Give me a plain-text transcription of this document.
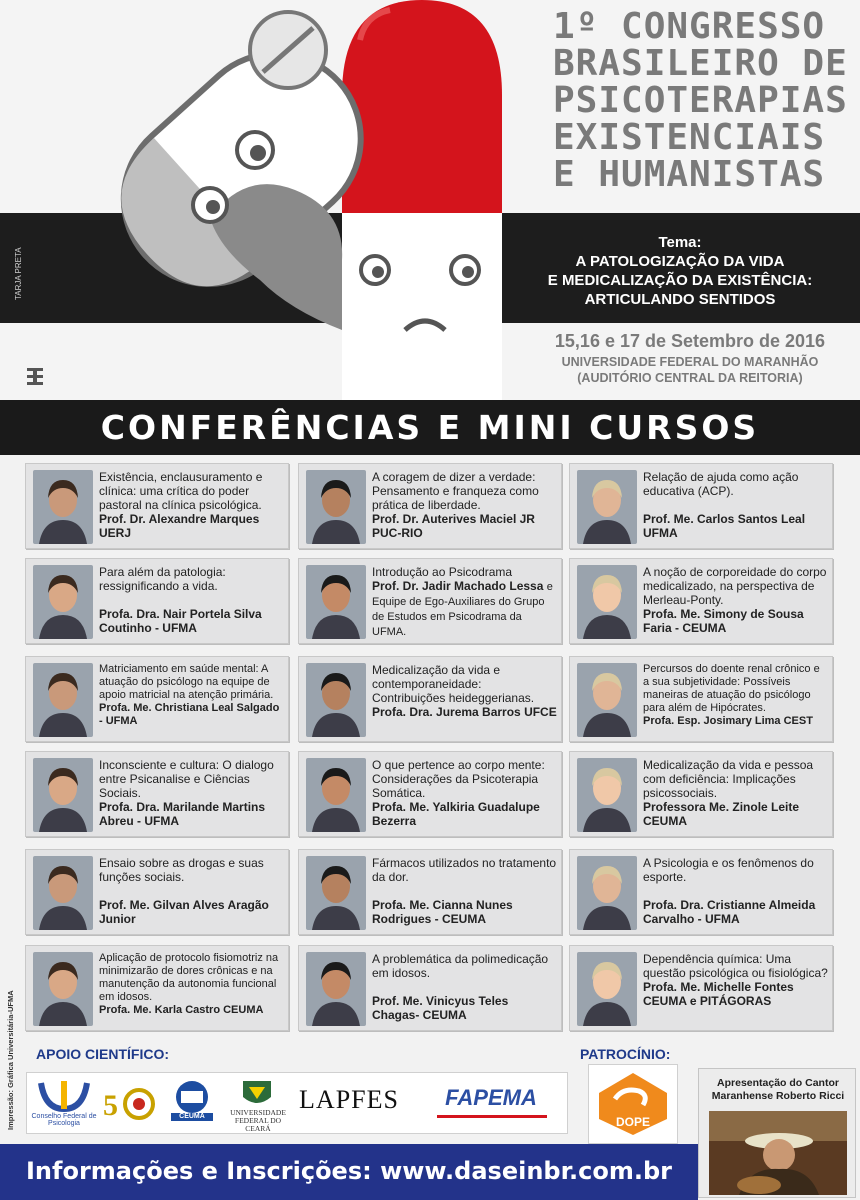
1º CONGRESSO
BRASILEIRO DE
PSICOTERAPIAS
EXISTENCIAIS
E HUMANISTAS
Tema:
A PATOLOGIZAÇÃO DA VIDA
E MEDICALIZAÇÃO DA EXISTÊNCIA:
ARTICULANDO SENTIDOS
15,16 e 17 de Setembro de 2016
UNIVERSIDADE FEDERAL DO MARANHÃO
(AUDITÓRIO CENTRAL DA REITORIA)
TARJA PRETA
CONFERÊNCIAS E MINI CURSOS
Existência, enclausuramento e clínica: uma crítica do poder pastoral na clínica psicológica.
Prof. Dr. Alexandre Marques UERJ
A coragem de dizer a verdade: Pensamento e franqueza como prática de liberdade.
Prof. Dr. Auterives Maciel JR PUC-RIO
Relação de ajuda como ação educativa (ACP).
Prof. Me. Carlos Santos Leal UFMA
Para além da patologia: ressignificando a vida.
Profa. Dra. Nair Portela Silva Coutinho - UFMA
Introdução ao Psicodrama
Prof. Dr. Jadir Machado Lessa e Equipe de Ego-Auxiliares do Grupo de Estudos em Psicodrama da UFMA.
A noção de corporeidade do corpo medicalizado, na perspectiva de Merleau-Ponty.
Profa. Me. Simony de Sousa Faria - CEUMA
Matriciamento em saúde mental: A atuação do psicólogo na equipe de apoio matricial na atenção primária.
Profa. Me. Christiana Leal Salgado - UFMA
Medicalização da vida e contemporaneidade: Contribuições heideggerianas.
Profa. Dra. Jurema Barros UFCE
Percursos do doente renal crônico e a sua subjetividade: Possíveis maneiras de atuação do psicólogo para além de Hipócrates.
Profa. Esp. Josimary Lima CEST
Inconsciente e cultura: O dialogo entre Psicanalise e Ciências Sociais.
Profa. Dra. Marilande Martins Abreu - UFMA
O que pertence ao corpo mente: Considerações da Psicoterapia Somática.
Profa. Me. Yalkiria Guadalupe Bezerra
Medicalização da vida e pessoa com deficiência: Implicações psicossociais.
Professora Me. Zinole Leite CEUMA
Ensaio sobre as drogas e suas funções sociais.
Prof. Me. Gilvan Alves Aragão Junior
Fármacos utilizados no tratamento da dor.
Profa. Me. Cianna Nunes Rodrigues - CEUMA
A Psicologia e os fenômenos do esporte.
Profa. Dra. Cristianne Almeida Carvalho - UFMA
Aplicação de protocolo fisiomotriz na minimizarão de dores crônicas e na manutenção da autonomia funcional em idosos.
Profa. Me. Karla Castro CEUMA
A problemática da polimedicação em idosos.
Prof. Me. Vinicyus Teles Chagas- CEUMA
Dependência química: Uma questão psicológica ou fisiológica?
Profa. Me. Michelle Fontes CEUMA e PITÁGORAS
APOIO CIENTÍFICO:	PATROCÍNIO:
Conselho Federal de Psicologia
5	CEUMA	UNIVERSIDADE FEDERAL DO CEARÁ
LAPFES	FAPEMA
DOPE
Apresentação do Cantor Maranhense Roberto Ricci
Informações e Inscrições: www.daseinbr.com.br
Impressão: Gráfica Universitária-UFMA
